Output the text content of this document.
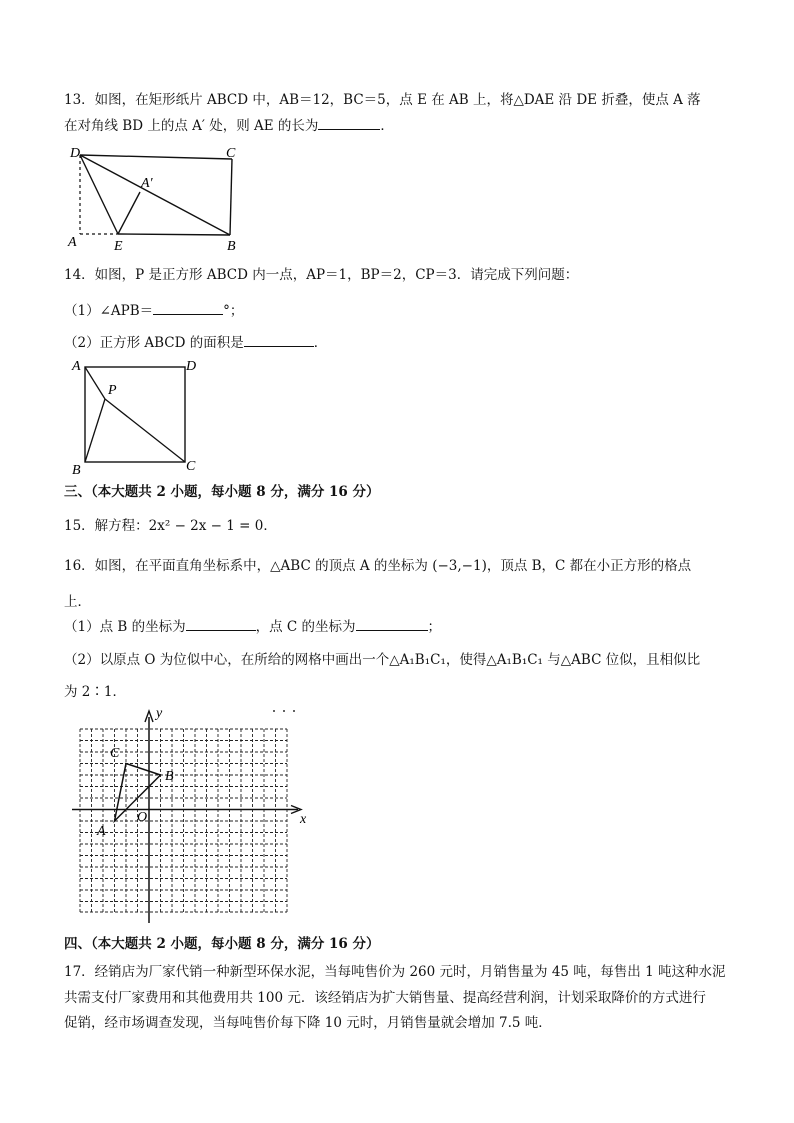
13．如图，在矩形纸片 ABCD 中，AB＝12，BC＝5，点 E 在 AB 上，将△DAE 沿 DE 折叠，使点 A 落
在对角线 BD 上的点 A′ 处，则 AE 的长为	．
D	C
A′
A	E	B
14．如图，P 是正方形 ABCD 内一点，AP＝1，BP＝2，CP＝3．请完成下列问题：
（1）∠APB＝	°；
（2）正方形 ABCD 的面积是	．
A	D
P
B	C
三、（本大题共 2 小题，每小题 8 分，满分 16 分）
15．解方程：2x² − 2x − 1 = 0．
16．如图，在平面直角坐标系中，△ABC 的顶点 A 的坐标为 (−3,−1)，顶点 B，C 都在小正方形的格点
上．
（1）点 B 的坐标为	，点 C 的坐标为	；
（2）以原点 O 为位似中心，在所给的网格中画出一个△A₁B₁C₁，使得△A₁B₁C₁ 与△ABC 位似，且相似比
为 2∶1．
y
x
C
B
O
A
四、（本大题共 2 小题，每小题 8 分，满分 16 分）
17．经销店为厂家代销一种新型环保水泥，当每吨售价为 260 元时，月销售量为 45 吨，每售出 1 吨这种水泥
共需支付厂家费用和其他费用共 100 元．该经销店为扩大销售量、提高经营利润，计划采取降价的方式进行
促销，经市场调查发现，当每吨售价每下降 10 元时，月销售量就会增加 7.5 吨．
